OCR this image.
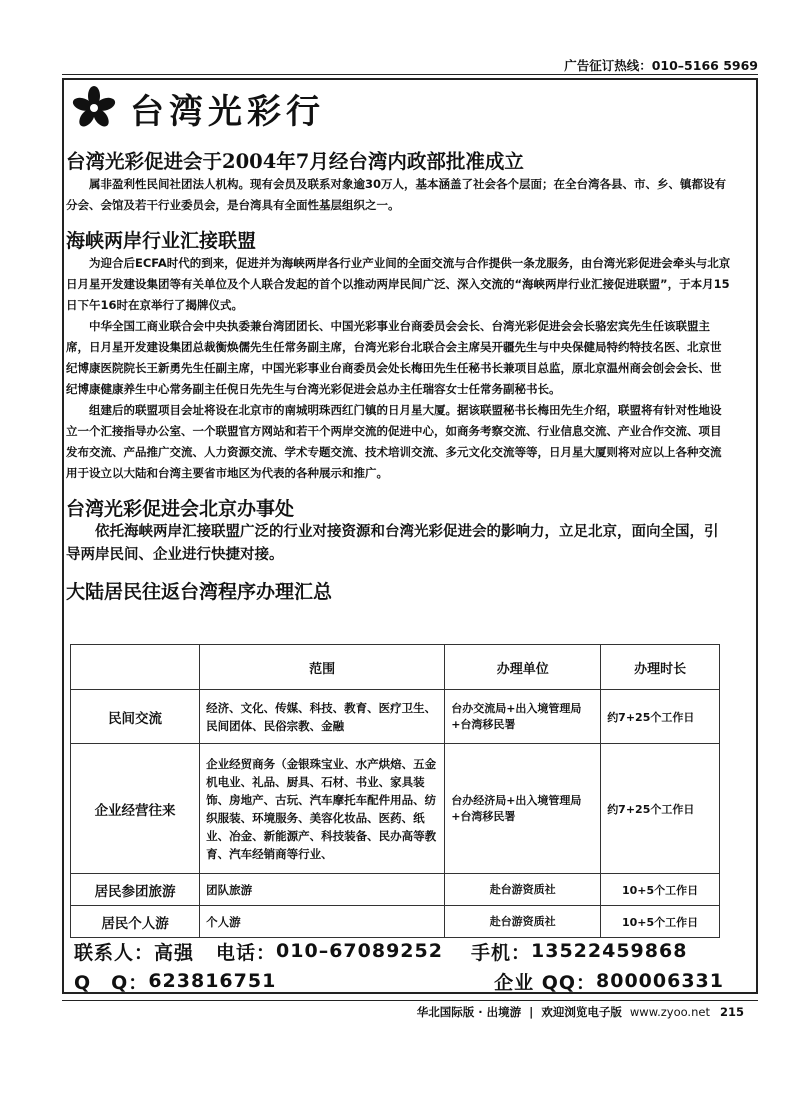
广告征订热线：010–5166 5969
台湾光彩行
台湾光彩促进会于2004年7月经台湾内政部批准成立

属非盈利性民间社团法人机构。现有会员及联系对象逾30万人，基本涵盖了社会各个层面；在全台湾各县、市、乡、镇都设有分会、会馆及若干行业委员会，是台湾具有全面性基层组织之一。

海峡两岸行业汇接联盟

为迎合后ECFA时代的到来，促进并为海峡两岸各行业产业间的全面交流与合作提供一条龙服务，由台湾光彩促进会牵头与北京日月星开发建设集团等有关单位及个人联合发起的首个以推动两岸民间广泛、深入交流的“海峡两岸行业汇接促进联盟”，于本月15日下午16时在京举行了揭牌仪式。

中华全国工商业联合会中央执委兼台湾团团长、中国光彩事业台商委员会会长、台湾光彩促进会会长骆宏宾先生任该联盟主席，日月星开发建设集团总裁衡焕儒先生任常务副主席，台湾光彩台北联合会主席吴开疆先生与中央保健局特约特技名医、北京世纪博康医院院长王新勇先生任副主席，中国光彩事业台商委员会处长梅田先生任秘书长兼项目总监，原北京温州商会创会会长、世纪博康健康养生中心常务副主任倪日先先生与台湾光彩促进会总办主任瑞容女士任常务副秘书长。

组建后的联盟项目会址将设在北京市的南城明珠西红门镇的日月星大厦。据该联盟秘书长梅田先生介绍，联盟将有针对性地设立一个汇接指导办公室、一个联盟官方网站和若干个两岸交流的促进中心，如商务考察交流、行业信息交流、产业合作交流、项目发布交流、产品推广交流、人力资源交流、学术专题交流、技术培训交流、多元文化交流等等，日月星大厦则将对应以上各种交流用于设立以大陆和台湾主要省市地区为代表的各种展示和推广。

台湾光彩促进会北京办事处

依托海峡两岸汇接联盟广泛的行业对接资源和台湾光彩促进会的影响力，立足北京，面向全国，引导两岸民间、企业进行快捷对接。

大陆居民往返台湾程序办理汇总
	范围	办理单位	办理时长
民间交流	经济、文化、传媒、科技、教育、医疗卫生、民间团体、民俗宗教、金融	台办交流局+出入境管理局+台湾移民署	约7+25个工作日
企业经营往来	企业经贸商务（金银珠宝业、水产烘焙、五金机电业、礼品、厨具、石材、书业、家具装饰、房地产、古玩、汽车摩托车配件用品、纺织服装、环境服务、美容化妆品、医药、纸业、冶金、新能源产、科技装备、民办高等教育、汽车经销商等行业、	台办经济局+出入境管理局+台湾移民署	约7+25个工作日
居民参团旅游	团队旅游	赴台游资质社	10+5个工作日
居民个人游	个人游	赴台游资质社	10+5个工作日
联系人： 高强 电话： 010–67089252 手机： 13522459868
Q　Q： 623816751	企业 QQ： 800006331
华北国际版 · 出境游 | 欢迎浏览电子版 www.zyoo.net 215
